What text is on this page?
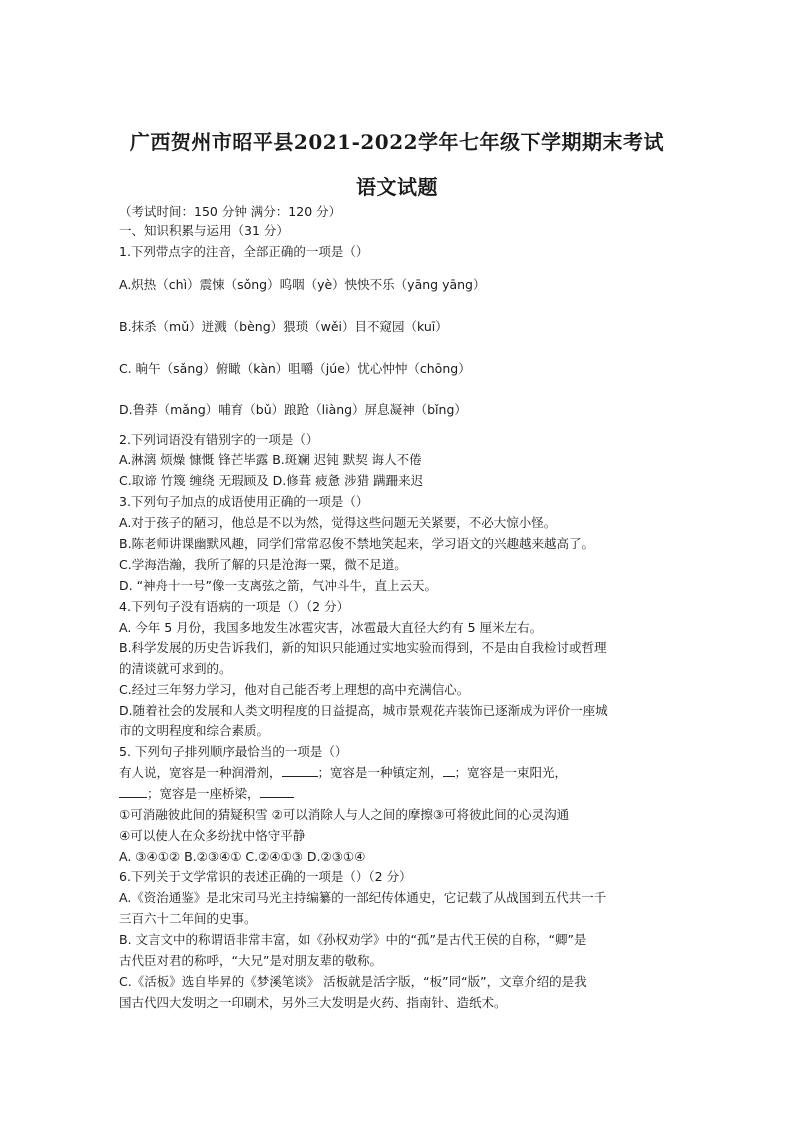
广西贺州市昭平县2021-2022学年七年级下学期期末考试
语文试题
（考试时间：150 分钟 满分：120 分）
一、知识积累与运用（31 分）
1.下列带点字的注音，全部正确的一项是（）
A.炽热（chì）震悚（sǒng）呜咽（yè）怏怏不乐（yāng yāng）
B.抹杀（mǔ）迸溅（bèng）猥琐（wěi）目不窥园（kuī）
C. 晌午（sǎng）俯瞰（kàn）咀嚼（júe）忧心忡忡（chōng）
D.鲁莽（mǎng）哺育（bǔ）踉跄（liàng）屏息凝神（bǐng）
2.下列词语没有错别字的一项是（）
A.淋漓 烦燥 慷慨 锋芒毕露 B.斑斓 迟钝 默契 诲人不倦
C.取谛 竹篾 缠绕 无瑕顾及 D.修葺 疲惫 涉猎 蹒跚来迟
3.下列句子加点的成语使用正确的一项是（）
A.对于孩子的陋习，他总是不以为然，觉得这些问题无关紧要，不必大惊小怪。
B.陈老师讲课幽默风趣，同学们常常忍俊不禁地笑起来，学习语文的兴趣越来越高了。
C.学海浩瀚，我所了解的只是沧海一粟，微不足道。
D. “神舟十一号”像一支离弦之箭，气冲斗牛，直上云天。
4.下列句子没有语病的一项是（）（2 分）
A. 今年 5 月份，我国多地发生冰雹灾害，冰雹最大直径大约有 5 厘米左右。
B.科学发展的历史告诉我们，新的知识只能通过实地实验而得到，不是由自我检讨或哲理
的清谈就可求到的。
C.经过三年努力学习，他对自己能否考上理想的高中充满信心。
D.随着社会的发展和人类文明程度的日益提高，城市景观花卉装饰已逐渐成为评价一座城
市的文明程度和综合素质。
5. 下列句子排列顺序最恰当的一项是（）
有人说，宽容是一种润滑剂，	；宽容是一种镇定剂， ；宽容是一束阳光，
；宽容是一座桥梁，
①可消融彼此间的猜疑积雪 ②可以消除人与人之间的摩擦③可将彼此间的心灵沟通
④可以使人在众多纷扰中恪守平静
A. ③④①② B.②③④① C.②④①③ D.②③①④
6.下列关于文学常识的表述正确的一项是（）（2 分）
A.《资治通鉴》是北宋司马光主持编纂的一部纪传体通史，它记载了从战国到五代共一千
三百六十二年间的史事。
B. 文言文中的称谓语非常丰富，如《孙权劝学》中的“孤”是古代王侯的自称，“卿”是
古代臣对君的称呼，“大兄”是对朋友辈的敬称。
C.《活板》选自毕昇的《梦溪笔谈》 活板就是活字版，“板”同“版”，文章介绍的是我
国古代四大发明之一印刷术，另外三大发明是火药、指南针、造纸术。
